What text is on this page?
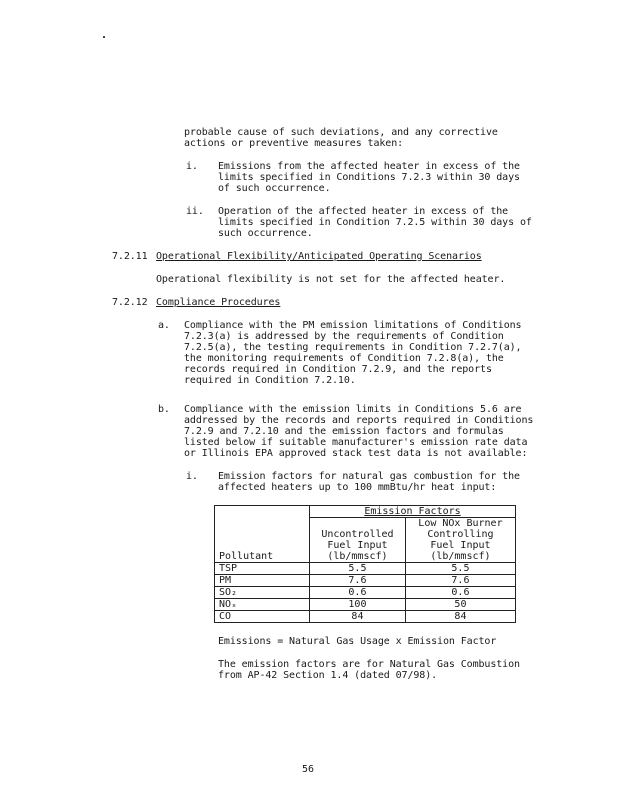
probable cause of such deviations, and any corrective
actions or preventive measures taken:
i. Emissions from the affected heater in excess of the
limits specified in Conditions 7.2.3 within 30 days
of such occurrence.
ii. Operation of the affected heater in excess of the
limits specified in Condition 7.2.5 within 30 days of
such occurrence.
7.2.11 Operational Flexibility/Anticipated Operating Scenarios
Operational flexibility is not set for the affected heater.
7.2.12 Compliance Procedures
a. Compliance with the PM emission limitations of Conditions
7.2.3(a) is addressed by the requirements of Condition
7.2.5(a), the testing requirements in Condition 7.2.7(a),
the monitoring requirements of Condition 7.2.8(a), the
records required in Condition 7.2.9, and the reports
required in Condition 7.2.10.
b. Compliance with the emission limits in Conditions 5.6 are
addressed by the records and reports required in Conditions
7.2.9 and 7.2.10 and the emission factors and formulas
listed below if suitable manufacturer's emission rate data
or Illinois EPA approved stack test data is not available:
i. Emission factors for natural gas combustion for the
affected heaters up to 100 mmBtu/hr heat input:
	Emission Factors	
		Low NOx Burner
	Uncontrolled	Controlling
	Fuel Input	Fuel Input
Pollutant	(lb/mmscf)	(lb/mmscf)
TSP	5.5	5.5
PM	7.6	7.6
SO₂	0.6	0.6
NOₓ	100	50
CO	84	84
Emissions = Natural Gas Usage x Emission Factor
The emission factors are for Natural Gas Combustion
from AP-42 Section 1.4 (dated 07/98).
56
